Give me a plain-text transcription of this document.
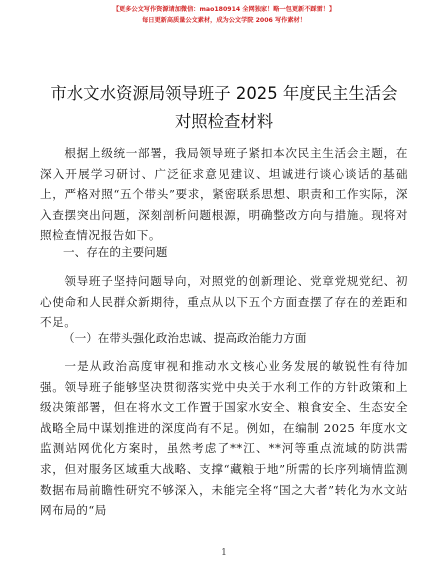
【更多公文写作资源请加微信：mao180914 全网独家！略一包更新不踩雷！】
每日更新高质量公文素材，成为公文学院 2006 写作素材！
市水文水资源局领导班子 2025 年度民主生活会对照检查材料
根据上级统一部署，我局领导班子紧扣本次民主生活会主题，在深入开展学习研讨、广泛征求意见建议、坦诚进行谈心谈话的基础上，严格对照“五个带头”要求，紧密联系思想、职责和工作实际，深入查摆突出问题，深刻剖析问题根源，明确整改方向与措施。现将对照检查情况报告如下。
一、存在的主要问题
领导班子坚持问题导向，对照党的创新理论、党章党规党纪、初心使命和人民群众新期待，重点从以下五个方面查摆了存在的差距和不足。
（一）在带头强化政治忠诚、提高政治能力方面
一是从政治高度审视和推动水文核心业务发展的敏锐性有待加强。领导班子能够坚决贯彻落实党中央关于水利工作的方针政策和上级决策部署，但在将水文工作置于国家水安全、粮食安全、生态安全战略全局中谋划推进的深度尚有不足。例如，在编制 2025 年度水文监测站网优化方案时，虽然考虑了**江、**河等重点流域的防洪需求，但对服务区域重大战略、支撑“藏粮于地”所需的长序列墒情监测数据布局前瞻性研究不够深入，未能完全将“国之大者”转化为水文站网布局的“局
1
